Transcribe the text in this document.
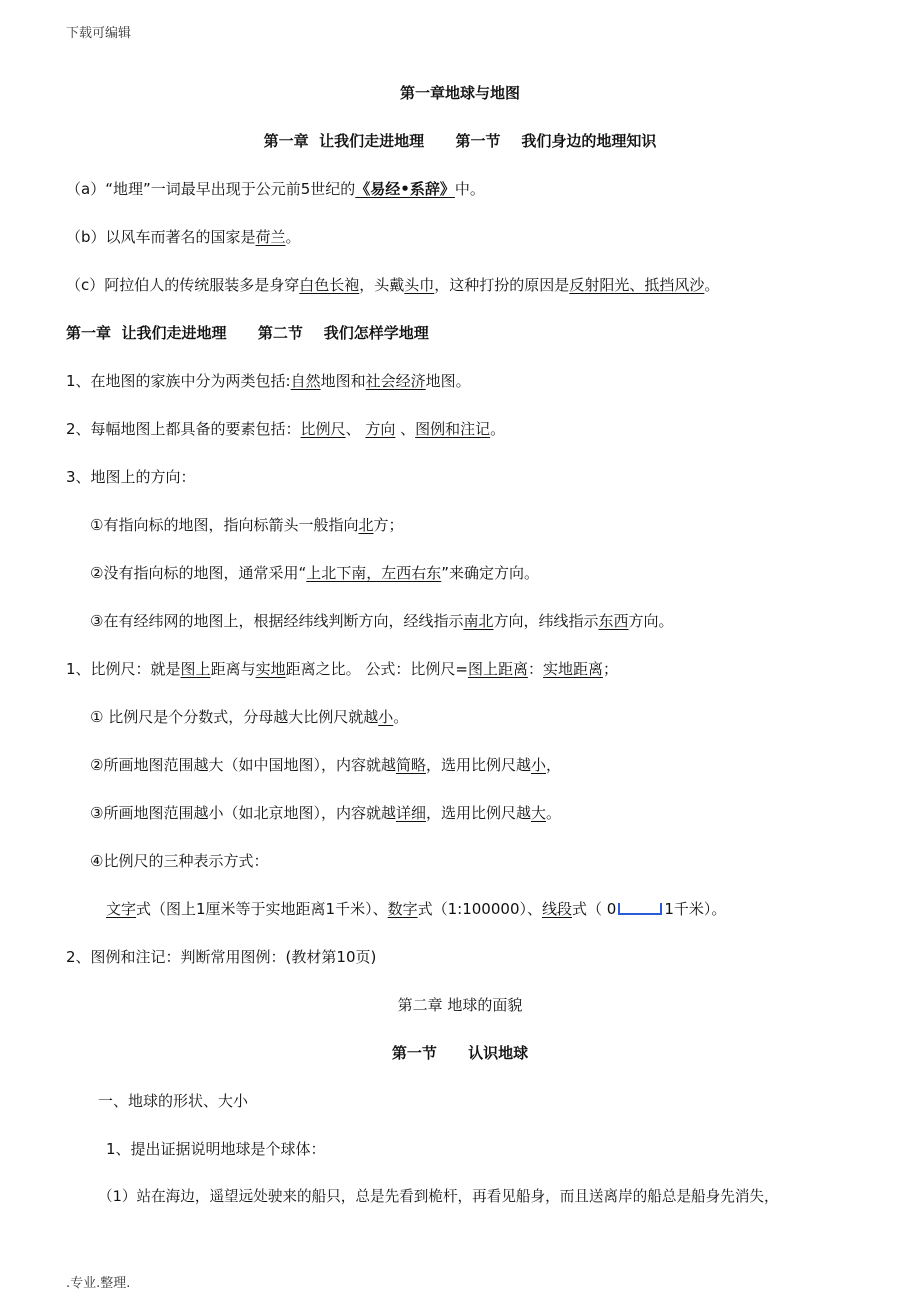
下载可编辑
第一章地球与地图
第一章 让我们走进地理 第一节 我们身边的地理知识
（a）“地理”一词最早出现于公元前5世纪的《易经•系辞》中。
（b）以风车而著名的国家是荷兰。
（c）阿拉伯人的传统服装多是身穿白色长袍，头戴头巾，这种打扮的原因是反射阳光、抵挡风沙。
第一章 让我们走进地理 第二节 我们怎样学地理
1、在地图的家族中分为两类包括:自然地图和社会经济地图。
2、每幅地图上都具备的要素包括：比例尺、 方向 、图例和注记。
3、地图上的方向：
①有指向标的地图，指向标箭头一般指向北方；
②没有指向标的地图，通常采用“上北下南，左西右东”来确定方向。
③在有经纬网的地图上，根据经纬线判断方向，经线指示南北方向，纬线指示东西方向。
1、比例尺：就是图上距离与实地距离之比。 公式：比例尺=图上距离：实地距离；
① 比例尺是个分数式，分母越大比例尺就越小。
②所画地图范围越大（如中国地图），内容就越简略，选用比例尺越小，
③所画地图范围越小（如北京地图），内容就越详细，选用比例尺越大。
④比例尺的三种表示方式：
文字式（图上1厘米等于实地距离1千米）、数字式（1:100000）、线段式（ 0	1千米）。
2、图例和注记：判断常用图例：(教材第10页)
第二章 地球的面貌
第一节 认识地球
一、地球的形状、大小
1、提出证据说明地球是个球体：
（1）站在海边，遥望远处驶来的船只，总是先看到桅杆，再看见船身，而且送离岸的船总是船身先消失，
.专业.整理.
